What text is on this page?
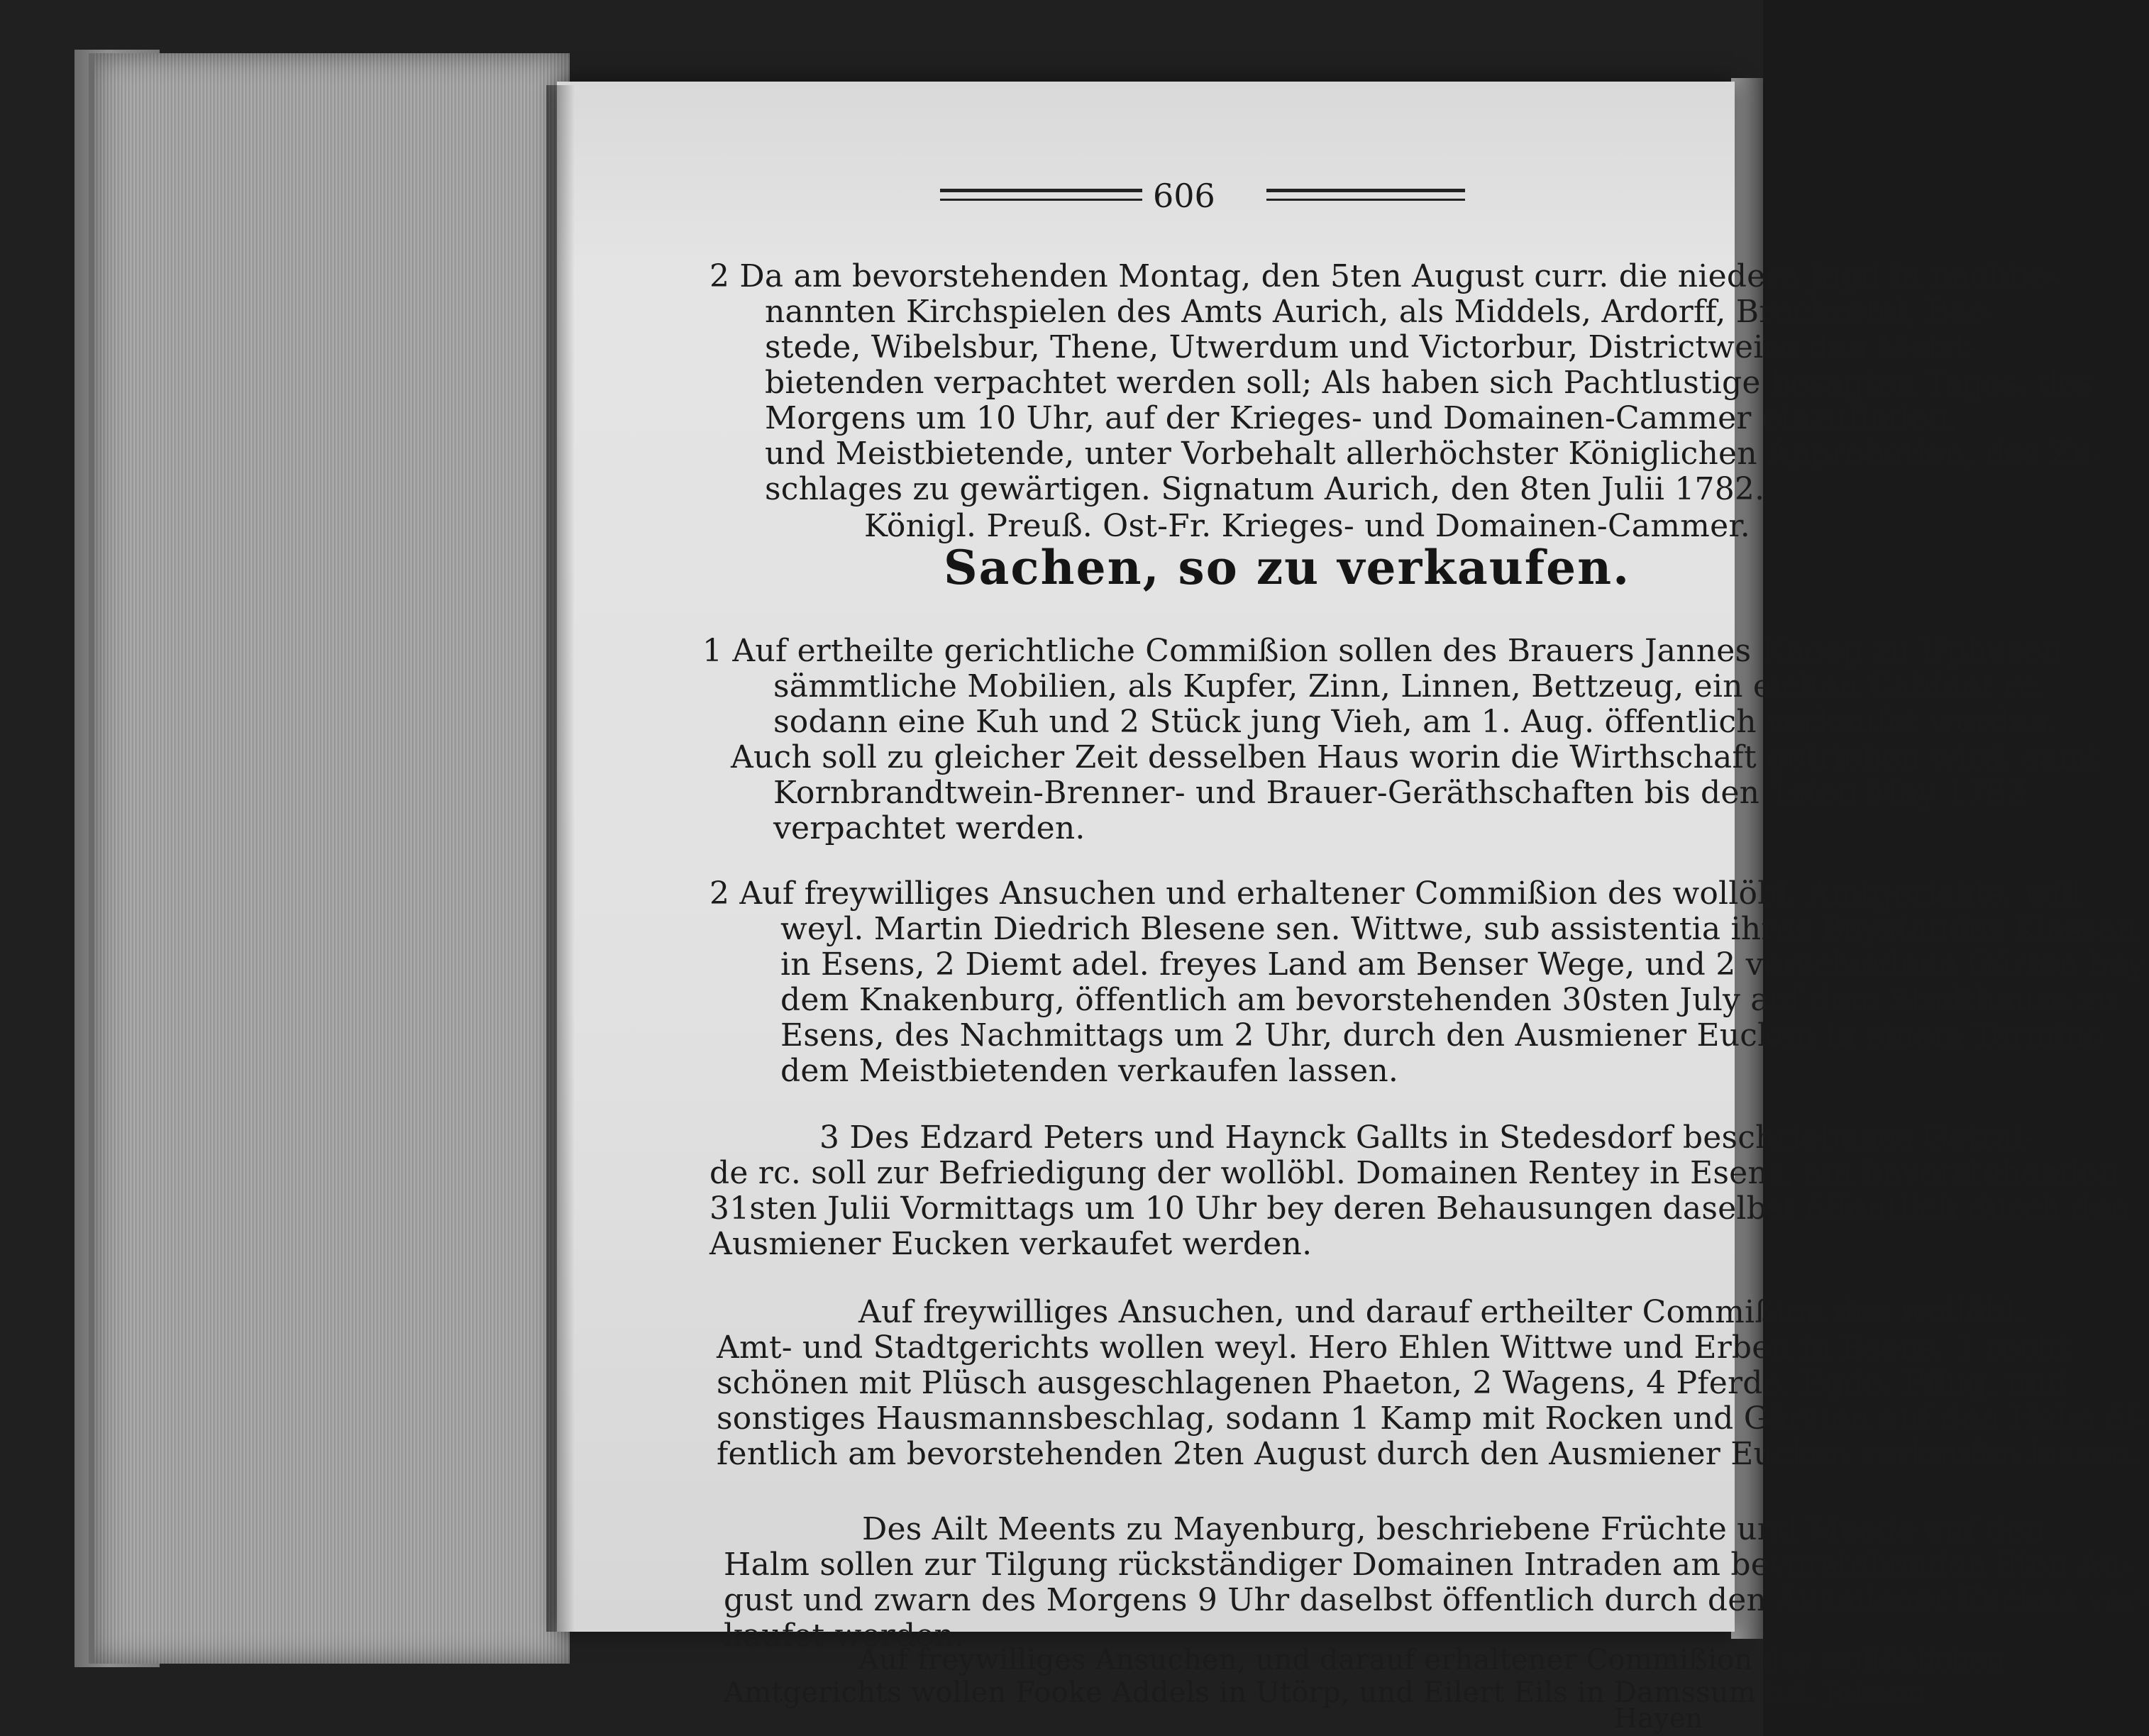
606
2 Da am bevorstehenden Montag, den 5ten August curr. die niedere Jagd in nachbe-
nannten Kirchspielen des Amts Aurich, als Middels, Ardorff, Brockzetel, Bar-
stede, Wibelsbur, Thene, Utwerdum und Victorbur, Districtweise den Meist-
bietenden verpachtet werden soll; Als haben sich Pachtlustige besagten Tages, des
Morgens um 10 Uhr, auf der Krieges- und Domainen-Cammer einzufinden,
und Meistbietende, unter Vorbehalt allerhöchster Königlichen Approbation, des Zu-
schlages zu gewärtigen. Signatum Aurich, den 8ten Julii 1782.
Königl. Preuß. Ost-Fr. Krieges- und Domainen-Cammer.
Sachen, so zu verkaufen.
1 Auf ertheilte gerichtliche Commißion sollen des Brauers Jannes Knoop zu Uphusen
sämmtliche Mobilien, als Kupfer, Zinn, Linnen, Bettzeug, ein eichen Cabinet rc.
sodann eine Kuh und 2 Stück jung Vieh, am 1. Aug. öffentlich verkaufet werden.
Auch soll zu gleicher Zeit desselben Haus worin die Wirthschaft getrieben wird, samt
Kornbrandtwein-Brenner- und Brauer-Geräthschaften bis den 1sten May 1783
verpachtet werden.
2 Auf freywilliges Ansuchen und erhaltener Commißion des wollöbl. Amtgerichts, will
weyl. Martin Diedrich Blesene sen. Wittwe, sub assistentia ihres Beystandes Klassen
in Esens, 2 Diemt adel. freyes Land am Benser Wege, und 2 verschiedene Gärten bey
dem Knakenburg, öffentlich am bevorstehenden 30sten July auf dem Stadthause zu
Esens, des Nachmittags um 2 Uhr, durch den Ausmiener Eucken in einem Termino
dem Meistbietenden verkaufen lassen.
3 Des Edzard Peters und Haynck Gallts in Stedesdorf beschriebenes Getrai-
de rc. soll zur Befriedigung der wollöbl. Domainen Rentey in Esens, am bevorstehenden
31sten Julii Vormittags um 10 Uhr bey deren Behausungen daselbst öffentlich durch den
Ausmiener Eucken verkaufet werden.
Auf freywilliges Ansuchen, und darauf ertheilter Commißion des wollöbl.
Amt- und Stadtgerichts wollen weyl. Hero Ehlen Wittwe und Erben in Esens, 1 recht
schönen mit Plüsch ausgeschlagenen Phaeton, 2 Wagens, 4 Pferde, Egde, Pflug, und
sonstiges Hausmannsbeschlag, sodann 1 Kamp mit Rocken und Gärsten auf den Halm öf-
fentlich am bevorstehenden 2ten August durch den Ausmiener Eucken verkaufen lassen.
Des Ailt Meents zu Mayenburg, beschriebene Früchte und Meede auf den
Halm sollen zur Tilgung rückständiger Domainen Intraden am bevorstehenden 9ten Au-
gust und zwarn des Morgens 9 Uhr daselbst öffentlich durch den Ausmiener Eucken ver-
kaufet werden.
Auf freywilliges Ansuchen, und darauf erhaltener Commißion des wollöblichen
Amtgerichts wollen Fooke Addels in Utörp, und Eilert Eils in Damssum tut. Johann
Hayen
